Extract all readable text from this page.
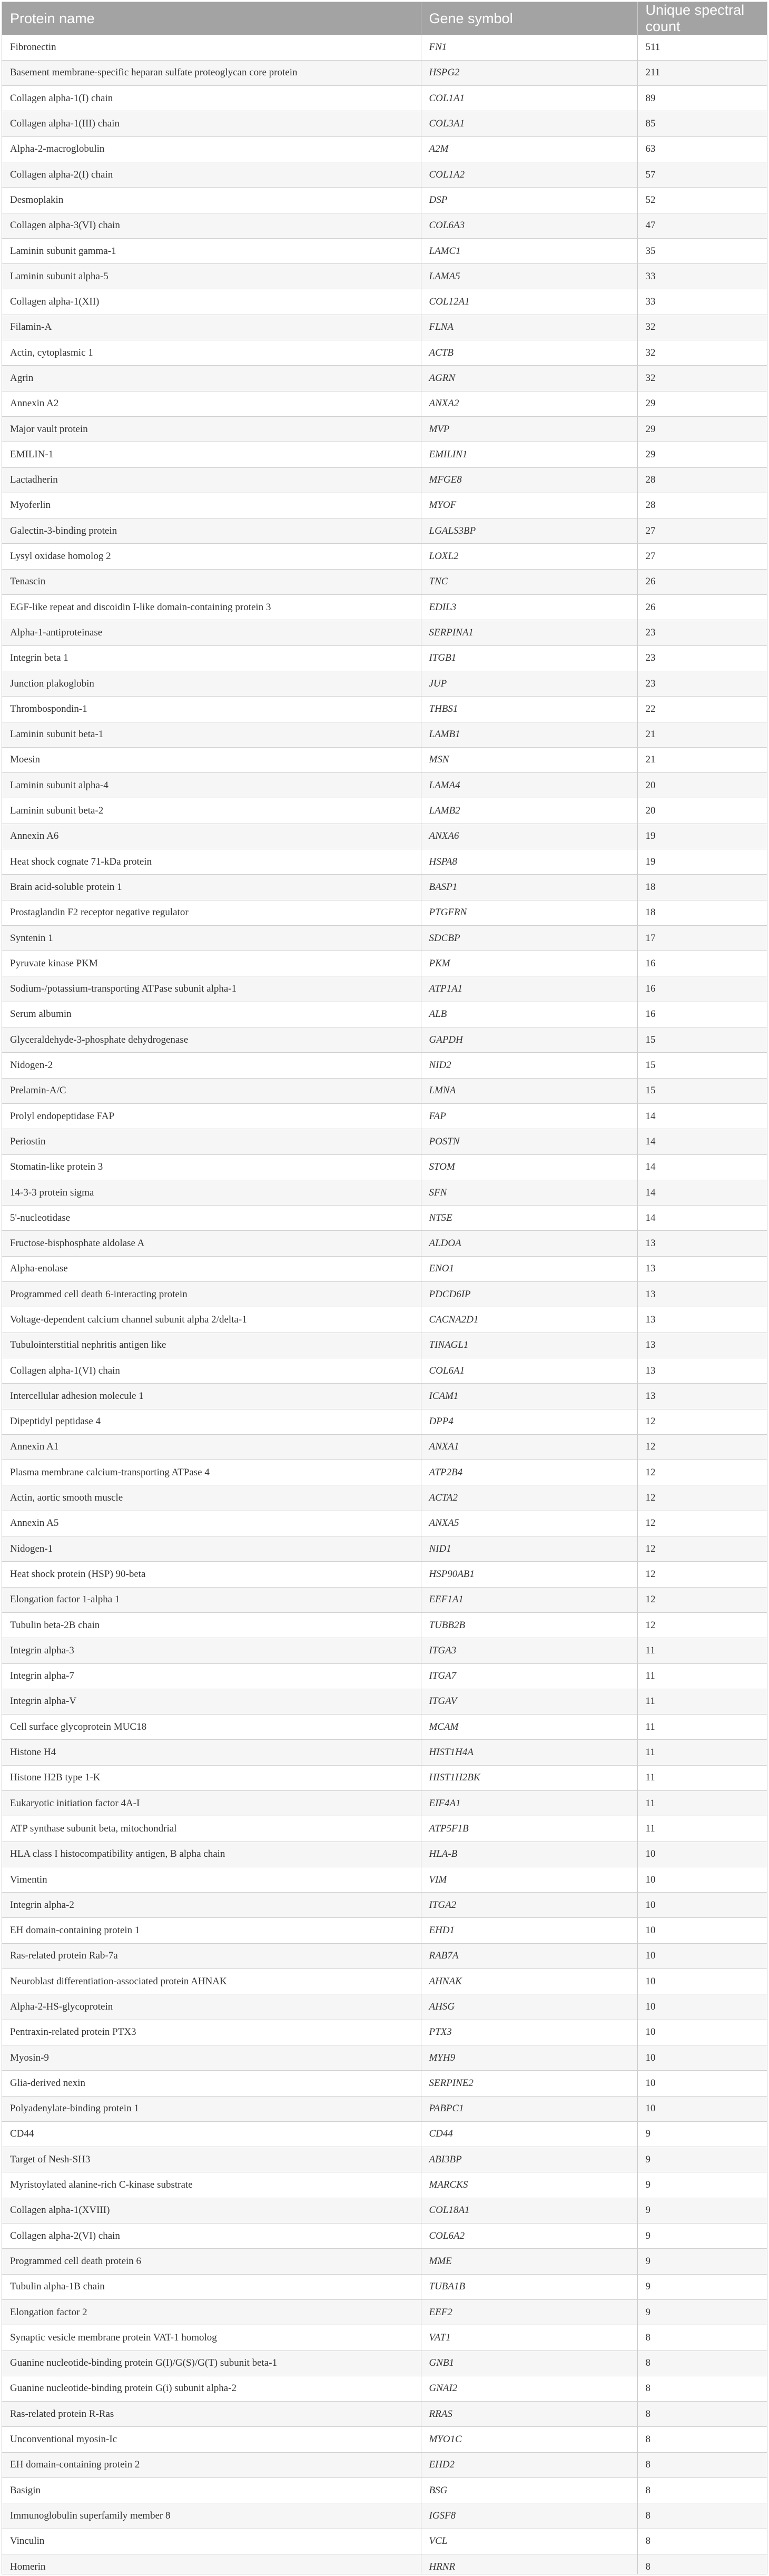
Protein name	Gene symbol	Unique spectral count
Fibronectin	FN1	511
Basement membrane-specific heparan sulfate proteoglycan core protein	HSPG2	211
Collagen alpha-1(I) chain	COL1A1	89
Collagen alpha-1(III) chain	COL3A1	85
Alpha-2-macroglobulin	A2M	63
Collagen alpha-2(I) chain	COL1A2	57
Desmoplakin	DSP	52
Collagen alpha-3(VI) chain	COL6A3	47
Laminin subunit gamma-1	LAMC1	35
Laminin subunit alpha-5	LAMA5	33
Collagen alpha-1(XII)	COL12A1	33
Filamin-A	FLNA	32
Actin, cytoplasmic 1	ACTB	32
Agrin	AGRN	32
Annexin A2	ANXA2	29
Major vault protein	MVP	29
EMILIN-1	EMILIN1	29
Lactadherin	MFGE8	28
Myoferlin	MYOF	28
Galectin-3-binding protein	LGALS3BP	27
Lysyl oxidase homolog 2	LOXL2	27
Tenascin	TNC	26
EGF-like repeat and discoidin I-like domain-containing protein 3	EDIL3	26
Alpha-1-antiproteinase	SERPINA1	23
Integrin beta 1	ITGB1	23
Junction plakoglobin	JUP	23
Thrombospondin-1	THBS1	22
Laminin subunit beta-1	LAMB1	21
Moesin	MSN	21
Laminin subunit alpha-4	LAMA4	20
Laminin subunit beta-2	LAMB2	20
Annexin A6	ANXA6	19
Heat shock cognate 71-kDa protein	HSPA8	19
Brain acid-soluble protein 1	BASP1	18
Prostaglandin F2 receptor negative regulator	PTGFRN	18
Syntenin 1	SDCBP	17
Pyruvate kinase PKM	PKM	16
Sodium-/potassium-transporting ATPase subunit alpha-1	ATP1A1	16
Serum albumin	ALB	16
Glyceraldehyde-3-phosphate dehydrogenase	GAPDH	15
Nidogen-2	NID2	15
Prelamin-A/C	LMNA	15
Prolyl endopeptidase FAP	FAP	14
Periostin	POSTN	14
Stomatin-like protein 3	STOM	14
14-3-3 protein sigma	SFN	14
5'-nucleotidase	NT5E	14
Fructose-bisphosphate aldolase A	ALDOA	13
Alpha-enolase	ENO1	13
Programmed cell death 6-interacting protein	PDCD6IP	13
Voltage-dependent calcium channel subunit alpha 2/delta-1	CACNA2D1	13
Tubulointerstitial nephritis antigen like	TINAGL1	13
Collagen alpha-1(VI) chain	COL6A1	13
Intercellular adhesion molecule 1	ICAM1	13
Dipeptidyl peptidase 4	DPP4	12
Annexin A1	ANXA1	12
Plasma membrane calcium-transporting ATPase 4	ATP2B4	12
Actin, aortic smooth muscle	ACTA2	12
Annexin A5	ANXA5	12
Nidogen-1	NID1	12
Heat shock protein (HSP) 90-beta	HSP90AB1	12
Elongation factor 1-alpha 1	EEF1A1	12
Tubulin beta-2B chain	TUBB2B	12
Integrin alpha-3	ITGA3	11
Integrin alpha-7	ITGA7	11
Integrin alpha-V	ITGAV	11
Cell surface glycoprotein MUC18	MCAM	11
Histone H4	HIST1H4A	11
Histone H2B type 1-K	HIST1H2BK	11
Eukaryotic initiation factor 4A-I	EIF4A1	11
ATP synthase subunit beta, mitochondrial	ATP5F1B	11
HLA class I histocompatibility antigen, B alpha chain	HLA-B	10
Vimentin	VIM	10
Integrin alpha-2	ITGA2	10
EH domain-containing protein 1	EHD1	10
Ras-related protein Rab-7a	RAB7A	10
Neuroblast differentiation-associated protein AHNAK	AHNAK	10
Alpha-2-HS-glycoprotein	AHSG	10
Pentraxin-related protein PTX3	PTX3	10
Myosin-9	MYH9	10
Glia-derived nexin	SERPINE2	10
Polyadenylate-binding protein 1	PABPC1	10
CD44	CD44	9
Target of Nesh-SH3	ABI3BP	9
Myristoylated alanine-rich C-kinase substrate	MARCKS	9
Collagen alpha-1(XVIII)	COL18A1	9
Collagen alpha-2(VI) chain	COL6A2	9
Programmed cell death protein 6	MME	9
Tubulin alpha-1B chain	TUBA1B	9
Elongation factor 2	EEF2	9
Synaptic vesicle membrane protein VAT-1 homolog	VAT1	8
Guanine nucleotide-binding protein G(I)/G(S)/G(T) subunit beta-1	GNB1	8
Guanine nucleotide-binding protein G(i) subunit alpha-2	GNAI2	8
Ras-related protein R-Ras	RRAS	8
Unconventional myosin-Ic	MYO1C	8
EH domain-containing protein 2	EHD2	8
Basigin	BSG	8
Immunoglobulin superfamily member 8	IGSF8	8
Vinculin	VCL	8
Homerin	HRNR	8
